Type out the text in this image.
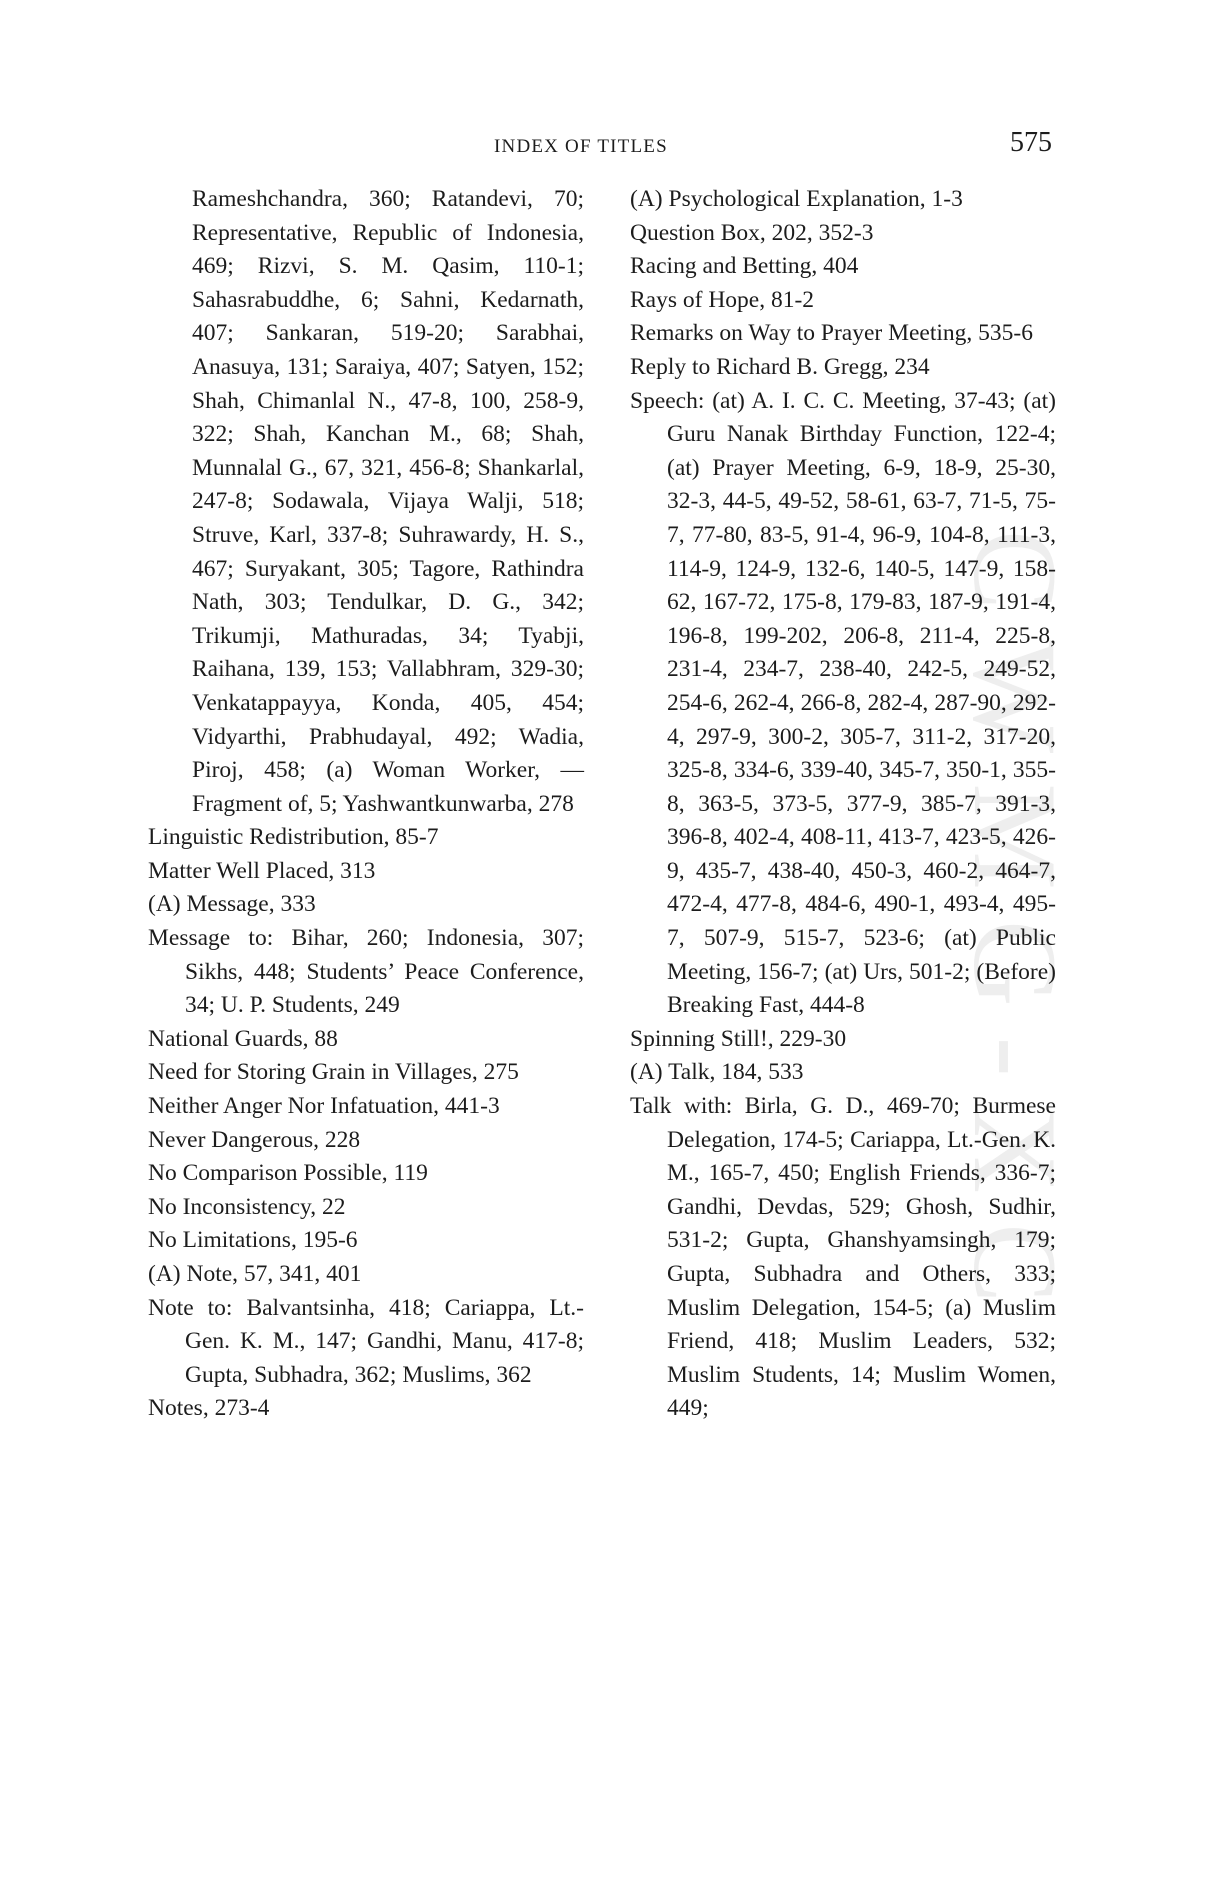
INDEX OF TITLES	575
CWMG-XC

Rameshchandra, 360; Ratandevi, 70; Representative, Republic of Indonesia, 469; Rizvi, S. M. Qasim, 110-1; Sahasrabuddhe, 6; Sahni, Kedarnath, 407; Sankaran, 519-20; Sarabhai, Anasuya, 131; Saraiya, 407; Satyen, 152; Shah, Chimanlal N., 47-8, 100, 258-9, 322; Shah, Kanchan M., 68; Shah, Munnalal G., 67, 321, 456-8; Shankarlal, 247-8; Sodawala, Vijaya Walji, 518; Struve, Karl, 337-8; Suhrawardy, H. S., 467; Suryakant, 305; Tagore, Rathindra Nath, 303; Tendulkar, D. G., 342; Trikumji, Mathuradas, 34; Tyabji, Raihana, 139, 153; Vallabhram, 329-30; Venkatappayya, Konda, 405, 454; Vidyarthi, Prabhudayal, 492; Wadia, Piroj, 458; (a) Woman Worker, — Fragment of, 5; Yashwantkunwarba, 278

Linguistic Redistribution, 85-7

Matter Well Placed, 313

(A) Message, 333

Message to: Bihar, 260; Indonesia, 307; Sikhs, 448; Students’ Peace Conference, 34; U. P. Students, 249

National Guards, 88

Need for Storing Grain in Villages, 275

Neither Anger Nor Infatuation, 441-3

Never Dangerous, 228

No Comparison Possible, 119

No Inconsistency, 22

No Limitations, 195-6

(A) Note, 57, 341, 401

Note to: Balvantsinha, 418; Cariappa, Lt.-Gen. K. M., 147; Gandhi, Manu, 417-8; Gupta, Subhadra, 362; Muslims, 362

Notes, 273-4

(A) Psychological Explanation, 1-3

Question Box, 202, 352-3

Racing and Betting, 404

Rays of Hope, 81-2

Remarks on Way to Prayer Meeting, 535-6

Reply to Richard B. Gregg, 234

Speech: (at) A. I. C. C. Meeting, 37-43; (at) Guru Nanak Birthday Function, 122-4; (at) Prayer Meeting, 6-9, 18-9, 25-30, 32-3, 44-5, 49-52, 58-61, 63-7, 71-5, 75-7, 77-80, 83-5, 91-4, 96-9, 104-8, 111-3, 114-9, 124-9, 132-6, 140-5, 147-9, 158-62, 167-72, 175-8, 179-83, 187-9, 191-4, 196-8, 199-202, 206-8, 211-4, 225-8, 231-4, 234-7, 238-40, 242-5, 249-52, 254-6, 262-4, 266-8, 282-4, 287-90, 292-4, 297-9, 300-2, 305-7, 311-2, 317-20, 325-8, 334-6, 339-40, 345-7, 350-1, 355-8, 363-5, 373-5, 377-9, 385-7, 391-3, 396-8, 402-4, 408-11, 413-7, 423-5, 426-9, 435-7, 438-40, 450-3, 460-2, 464-7, 472-4, 477-8, 484-6, 490-1, 493-4, 495-7, 507-9, 515-7, 523-6; (at) Public Meeting, 156-7; (at) Urs, 501-2; (Before) Breaking Fast, 444-8

Spinning Still!, 229-30

(A) Talk, 184, 533

Talk with: Birla, G. D., 469-70; Burmese Delegation, 174-5; Cariappa, Lt.-Gen. K. M., 165-7, 450; English Friends, 336-7; Gandhi, Devdas, 529; Ghosh, Sudhir, 531-2; Gupta, Ghanshyamsingh, 179; Gupta, Subhadra and Others, 333; Muslim Delegation, 154-5; (a) Muslim Friend, 418; Muslim Leaders, 532; Muslim Students, 14; Muslim Women, 449;
